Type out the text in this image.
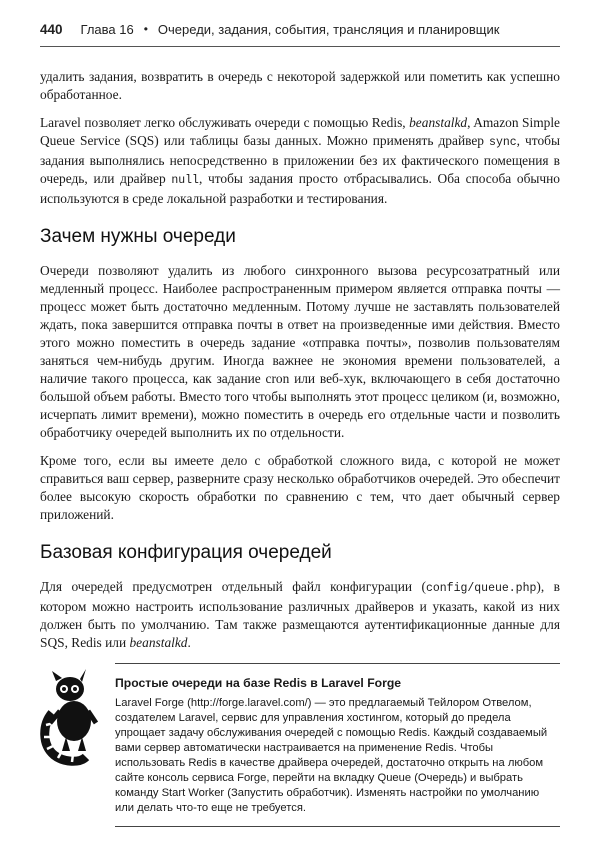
440 Глава 16 • Очереди, задания, события, трансляция и планировщик

удалить задания, возвратить в очередь с некоторой задержкой или пометить как успешно обработанное.

Laravel позволяет легко обслуживать очереди с помощью Redis, beanstalkd, Amazon Simple Queue Service (SQS) или таблицы базы данных. Можно применять драйвер sync, чтобы задания выполнялись непосредственно в приложении без их фактического помещения в очередь, или драйвер null, чтобы задания просто отбрасывались. Оба способа обычно используются в среде локальной разработки и тестирования.

Зачем нужны очереди

Очереди позволяют удалить из любого синхронного вызова ресурсозатратный или медленный процесс. Наиболее распространенным примером является отправка почты — процесс может быть достаточно медленным. Потому лучше не заставлять пользователей ждать, пока завершится отправка почты в ответ на произведенные ими действия. Вместо этого можно поместить в очередь задание «отправка почты», позволив пользователям заняться чем-нибудь другим. Иногда важнее не экономия времени пользователей, а наличие такого процесса, как задание cron или веб-хук, включающего в себя достаточно большой объем работы. Вместо того чтобы выполнять этот процесс целиком (и, возможно, исчерпать лимит времени), можно поместить в очередь его отдельные части и позволить обработчику очередей выполнить их по отдельности.

Кроме того, если вы имеете дело с обработкой сложного вида, с которой не может справиться ваш сервер, разверните сразу несколько обработчиков очередей. Это обеспечит более высокую скорость обработки по сравнению с тем, что дает обычный сервер приложений.

Базовая конфигурация очередей

Для очередей предусмотрен отдельный файл конфигурации (config/queue.php), в котором можно настроить использование различных драйверов и указать, какой из них должен быть по умолчанию. Там также размещаются аутентификационные данные для SQS, Redis или beanstalkd.

Простые очереди на базе Redis в Laravel Forge
Laravel Forge (http://forge.laravel.com/) — это предлагаемый Тейлором Отвелом, создателем Laravel, сервис для управления хостингом, который до предела упрощает задачу обслуживания очередей с помощью Redis. Каждый создаваемый вами сервер автоматически настраивается на применение Redis. Чтобы использовать Redis в качестве драйвера очередей, достаточно открыть на любом сайте консоль сервиса Forge, перейти на вкладку Queue (Очередь) и выбрать команду Start Worker (Запустить обработчик). Изменять настройки по умолчанию или делать что-то еще не требуется.
